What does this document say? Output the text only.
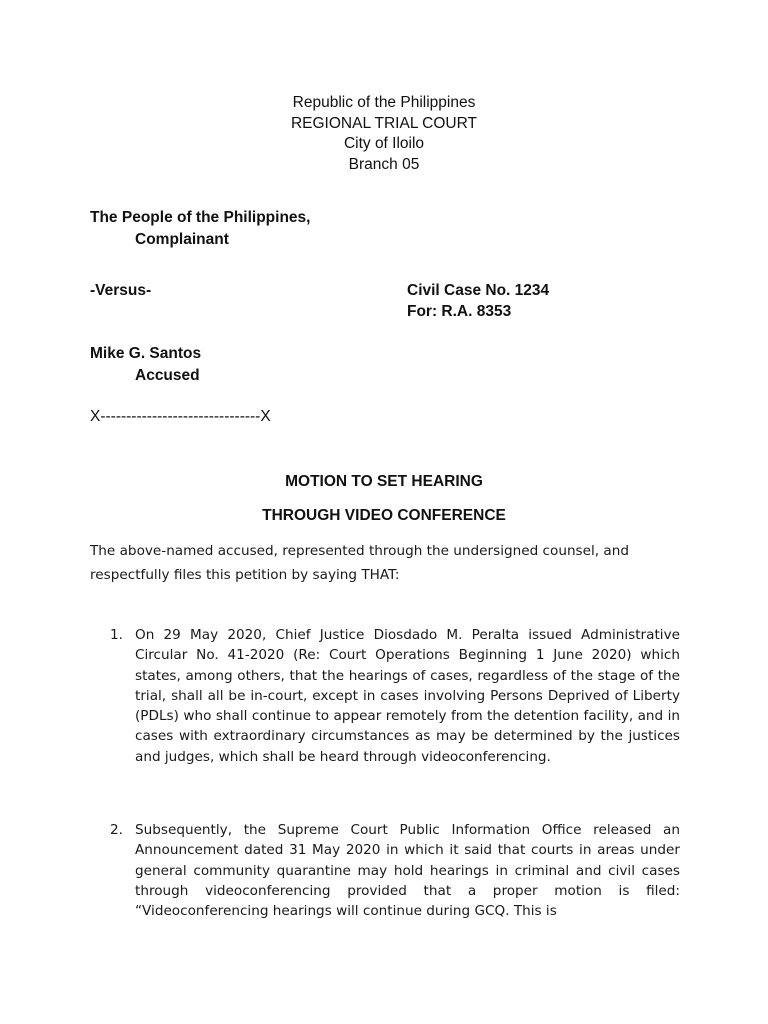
Republic of the Philippines
REGIONAL TRIAL COURT
City of Iloilo
Branch 05
The People of the Philippines,
Complainant
-Versus-	Civil Case No. 1234
For: R.A. 8353
Mike G. Santos
Accused
X-------------------------------X
MOTION TO SET HEARING
THROUGH VIDEO CONFERENCE
The above-named accused, represented through the undersigned counsel, and respectfully files this petition by saying THAT:
1. On 29 May 2020, Chief Justice Diosdado M. Peralta issued Administrative Circular No. 41-2020 (Re: Court Operations Beginning 1 June 2020) which states, among others, that the hearings of cases, regardless of the stage of the trial, shall all be in-court, except in cases involving Persons Deprived of Liberty (PDLs) who shall continue to appear remotely from the detention facility, and in cases with extraordinary circumstances as may be determined by the justices and judges, which shall be heard through videoconferencing.
2. Subsequently, the Supreme Court Public Information Office released an Announcement dated 31 May 2020 in which it said that courts in areas under general community quarantine may hold hearings in criminal and civil cases through videoconferencing provided that a proper motion is filed: “Videoconferencing hearings will continue during GCQ. This is
